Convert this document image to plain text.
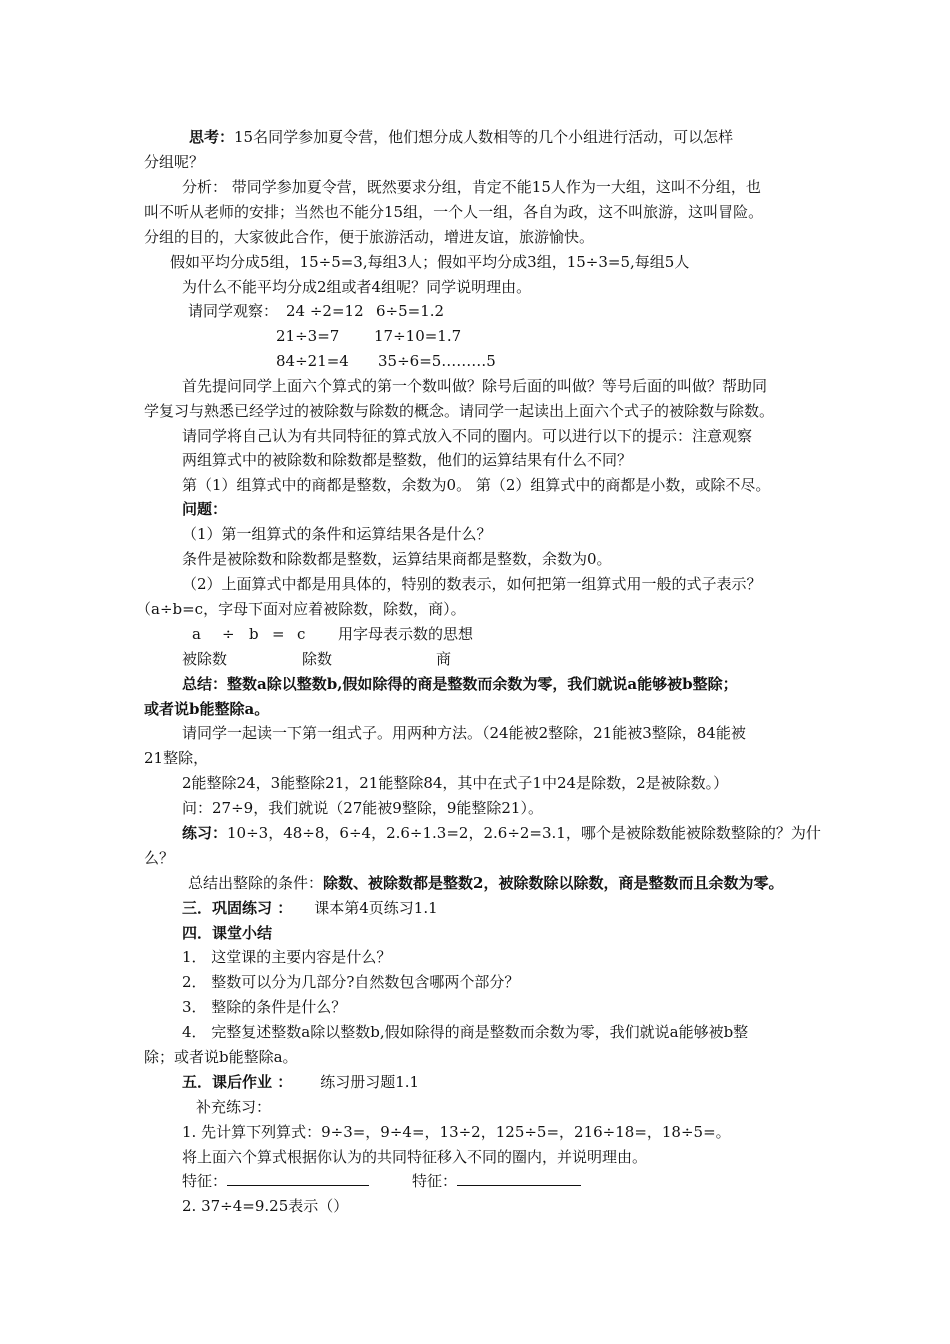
思考：15名同学参加夏令营，他们想分成人数相等的几个小组进行活动，可以怎样
分组呢？
分析： 带同学参加夏令营，既然要求分组，肯定不能15人作为一大组，这叫不分组，也
叫不听从老师的安排；当然也不能分15组，一个人一组，各自为政，这不叫旅游，这叫冒险。
分组的目的，大家彼此合作，便于旅游活动，增进友谊，旅游愉快。
假如平均分成5组，15÷5=3,每组3人；假如平均分成3组，15÷3=5,每组5人
为什么不能平均分成2组或者4组呢？同学说明理由。
请同学观察： 24 ÷2=12 6÷5=1.2
21÷3=7 17÷10=1.7
84÷21=4 35÷6=5………5
首先提问同学上面六个算式的第一个数叫做？除号后面的叫做？等号后面的叫做？帮助同
学复习与熟悉已经学过的被除数与除数的概念。请同学一起读出上面六个式子的被除数与除数。
请同学将自己认为有共同特征的算式放入不同的圈内。可以进行以下的提示：注意观察
两组算式中的被除数和除数都是整数，他们的运算结果有什么不同？
第（1）组算式中的商都是整数，余数为0。 第（2）组算式中的商都是小数，或除不尽。
问题：
（1）第一组算式的条件和运算结果各是什么？
条件是被除数和除数都是整数，运算结果商都是整数，余数为0。
（2）上面算式中都是用具体的，特别的数表示，如何把第一组算式用一般的式子表示？
（a÷b=c，字母下面对应着被除数，除数，商）。
a ÷ b = c 用字母表示数的思想
被除数	除数	商
总结：整数a除以整数b,假如除得的商是整数而余数为零，我们就说a能够被b整除；
或者说b能整除a。
请同学一起读一下第一组式子。用两种方法。（24能被2整除，21能被3整除，84能被
21整除，
2能整除24，3能整除21，21能整除84，其中在式子1中24是除数，2是被除数。）
问：27÷9，我们就说（27能被9整除，9能整除21）。
练习：10÷3，48÷8，6÷4，2.6÷1.3=2，2.6÷2=3.1，哪个是被除数能被除数整除的？为什
么？
总结出整除的条件：除数、被除数都是整数2，被除数除以除数，商是整数而且余数为零。
三．巩固练习 ： 课本第4页练习1.1
四．课堂小结
1． 这堂课的主要内容是什么？
2． 整数可以分为几部分?自然数包含哪两个部分？
3． 整除的条件是什么？
4． 完整复述整数a除以整数b,假如除得的商是整数而余数为零，我们就说a能够被b整
除；或者说b能整除a。
五．课后作业 ： 练习册习题1.1
补充练习：
1. 先计算下列算式：9÷3=，9÷4=，13÷2，125÷5=，216÷18=，18÷5=。
将上面六个算式根据你认为的共同特征移入不同的圈内，并说明理由。
特征：	特征：
2. 37÷4=9.25表示（）
